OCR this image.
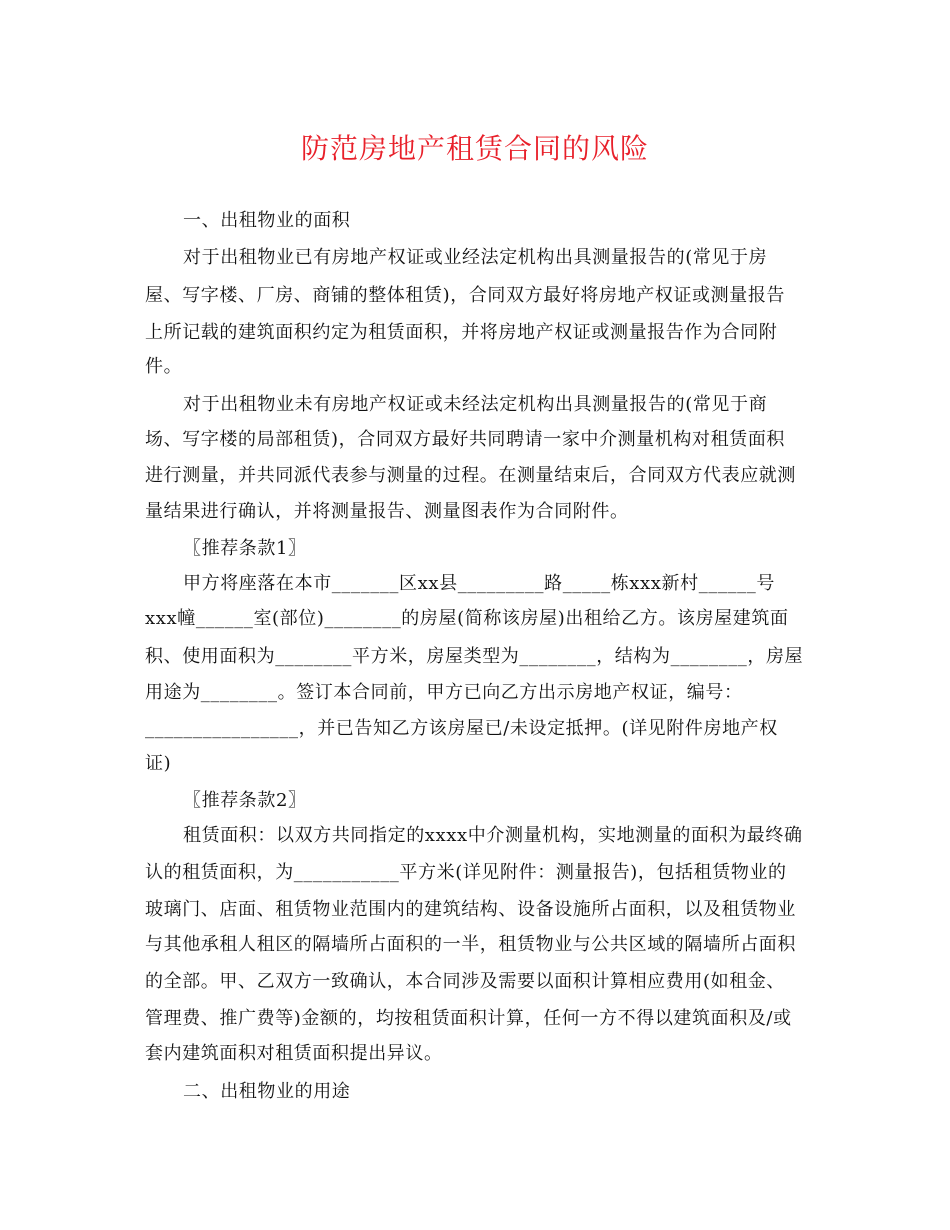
防范房地产租赁合同的风险
一、出租物业的面积
对于出租物业已有房地产权证或业经法定机构出具测量报告的(常见于房
屋、写字楼、厂房、商铺的整体租赁)，合同双方最好将房地产权证或测量报告
上所记载的建筑面积约定为租赁面积，并将房地产权证或测量报告作为合同附
件。
对于出租物业未有房地产权证或未经法定机构出具测量报告的(常见于商
场、写字楼的局部租赁)，合同双方最好共同聘请一家中介测量机构对租赁面积
进行测量，并共同派代表参与测量的过程。在测量结束后，合同双方代表应就测
量结果进行确认，并将测量报告、测量图表作为合同附件。
〖推荐条款1〗
甲方将座落在本市_______区xx县_________路_____栋xxx新村______号
xxx幢______室(部位)________的房屋(简称该房屋)出租给乙方。该房屋建筑面
积、使用面积为________平方米，房屋类型为________，结构为________，房屋
用途为________。签订本合同前，甲方已向乙方出示房地产权证，编号：
________________，并已告知乙方该房屋已/未设定抵押。(详见附件房地产权
证)
〖推荐条款2〗
租赁面积：以双方共同指定的xxxx中介测量机构，实地测量的面积为最终确
认的租赁面积，为___________平方米(详见附件：测量报告)，包括租赁物业的
玻璃门、店面、租赁物业范围内的建筑结构、设备设施所占面积，以及租赁物业
与其他承租人租区的隔墙所占面积的一半，租赁物业与公共区域的隔墙所占面积
的全部。甲、乙双方一致确认，本合同涉及需要以面积计算相应费用(如租金、
管理费、推广费等)金额的，均按租赁面积计算，任何一方不得以建筑面积及/或
套内建筑面积对租赁面积提出异议。
二、出租物业的用途
